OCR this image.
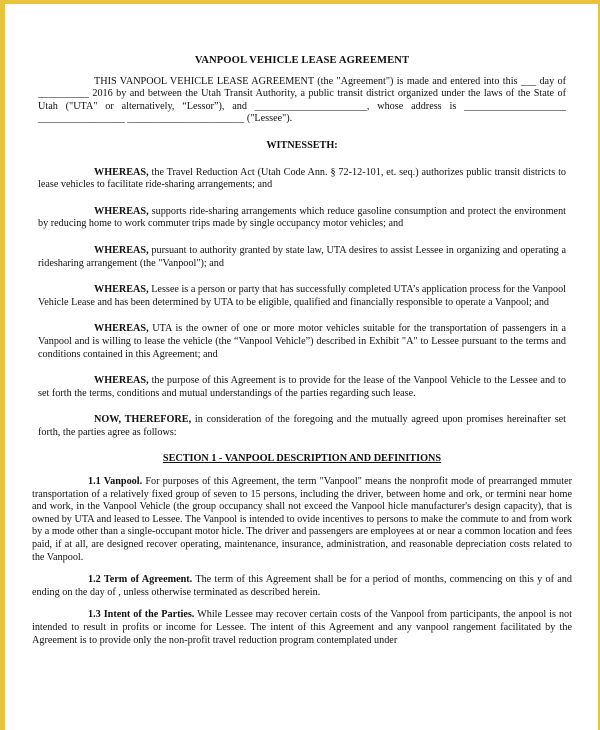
VANPOOL VEHICLE LEASE AGREEMENT

THIS VANPOOL VEHICLE LEASE AGREEMENT (the "Agreement") is made and entered into this ___ day of __________ 2016 by and between the Utah Transit Authority, a public transit district organized under the laws of the State of Utah ("UTA" or alternatively, “Lessor”), and ______________________, whose address is ____________________ _________________ _______________________ ("Lessee").

WITNESSETH:

WHEREAS, the Travel Reduction Act (Utah Code Ann. § 72-12-101, et. seq.) authorizes public transit districts to lease vehicles to facilitate ride-sharing arrangements; and

WHEREAS, supports ride-sharing arrangements which reduce gasoline consumption and protect the environment by reducing home to work commuter trips made by single occupancy motor vehicles; and

WHEREAS, pursuant to authority granted by state law, UTA desires to assist Lessee in organizing and operating a ridesharing arrangement (the "Vanpool"); and

WHEREAS, Lessee is a person or party that has successfully completed UTA’s application process for the Vanpool Vehicle Lease and has been determined by UTA to be eligible, qualified and financially responsible to operate a Vanpool; and

WHEREAS, UTA is the owner of one or more motor vehicles suitable for the transportation of passengers in a Vanpool and is willing to lease the vehicle (the “Vanpool Vehicle”) described in Exhibit "A" to Lessee pursuant to the terms and conditions contained in this Agreement; and

WHEREAS, the purpose of this Agreement is to provide for the lease of the Vanpool Vehicle to the Lessee and to set forth the terms, conditions and mutual understandings of the parties regarding such lease.

NOW, THEREFORE, in consideration of the foregoing and the mutually agreed upon promises hereinafter set forth, the parties agree as follows:

SECTION 1 - VANPOOL DESCRIPTION AND DEFINITIONS

1.1 Vanpool. For purposes of this Agreement, the term "Vanpool" means the nonprofit mode of prearranged mmuter transportation of a relatively fixed group of seven to 15 persons, including the driver, between home and ork, or termini near home and work, in the Vanpool Vehicle (the group occupancy shall not exceed the Vanpool hicle manufacturer's design capacity), that is owned by UTA and leased to Lessee. The Vanpool is intended to ovide incentives to persons to make the commute to and from work by a mode other than a single-occupant motor hicle. The driver and passengers are employees at or near a common location and fees paid, if at all, are designed recover operating, maintenance, insurance, administration, and reasonable depreciation costs related to the Vanpool.

1.2 Term of Agreement. The term of this Agreement shall be for a period of months, commencing on this y of and ending on the day of , unless otherwise terminated as described herein.

1.3 Intent of the Parties. While Lessee may recover certain costs of the Vanpool from participants, the anpool is not intended to result in profits or income for Lessee. The intent of this Agreement and any vanpool rangement facilitated by the Agreement is to provide only the non-profit travel reduction program contemplated under
